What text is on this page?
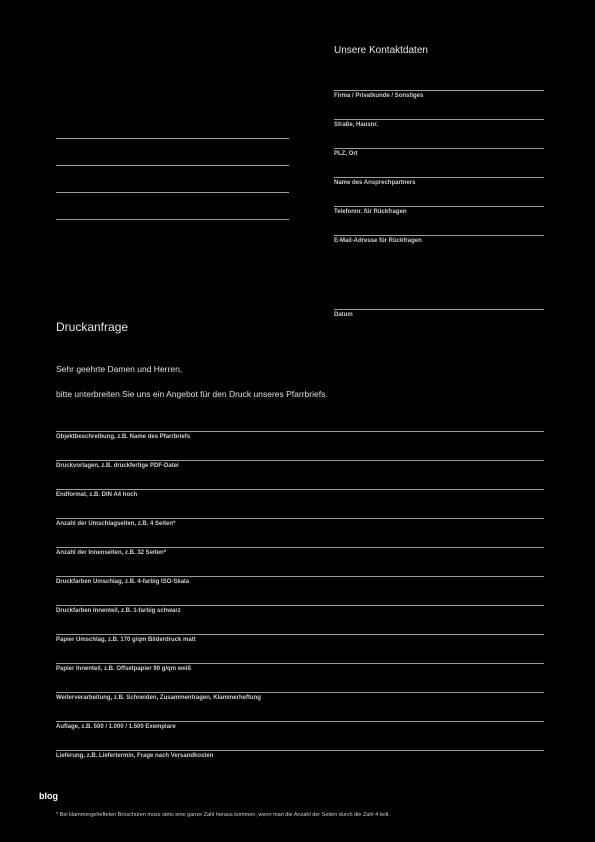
Unsere Kontaktdaten
Firma / Privatkunde / Sonstiges
Straße, Hausnr.
PLZ, Ort
Name des Ansprechpartners
Telefonnr. für Rückfragen
E-Mail-Adresse für Rückfragen
Datum
Druckanfrage
Sehr geehrte Damen und Herren,
bitte unterbreiten Sie uns ein Angebot für den Druck unseres Pfarrbriefs.
Objektbeschreibung, z.B. Name des Pfarrbriefs
Druckvorlagen, z.B. druckfertige PDF-Datei
Endformat, z.B. DIN A4 hoch
Anzahl der Umschlagseiten, z.B. 4 Seiten*
Anzahl der Innenseiten, z.B. 32 Seiten*
Druckfarben Umschlag, z.B. 4-farbig ISO-Skala
Druckfarben Innenteil, z.B. 1-farbig schwarz
Papier Umschlag, z.B. 170 g/qm Bilderdruck matt
Papier Innenteil, z.B. Offsetpapier 90 g/qm weiß
Weiterverarbeitung, z.B. Schneiden, Zusammentragen, Klammerheftung
Auflage, z.B. 500 / 1.000 / 1.500 Exemplare
Lieferung, z.B. Liefertermin, Frage nach Versandkosten
blog
* Bei klammergehefteten Broschüren muss stets eine ganze Zahl heraus kommen, wenn man die Anzahl der Seiten durch die Zahl 4 teilt.
